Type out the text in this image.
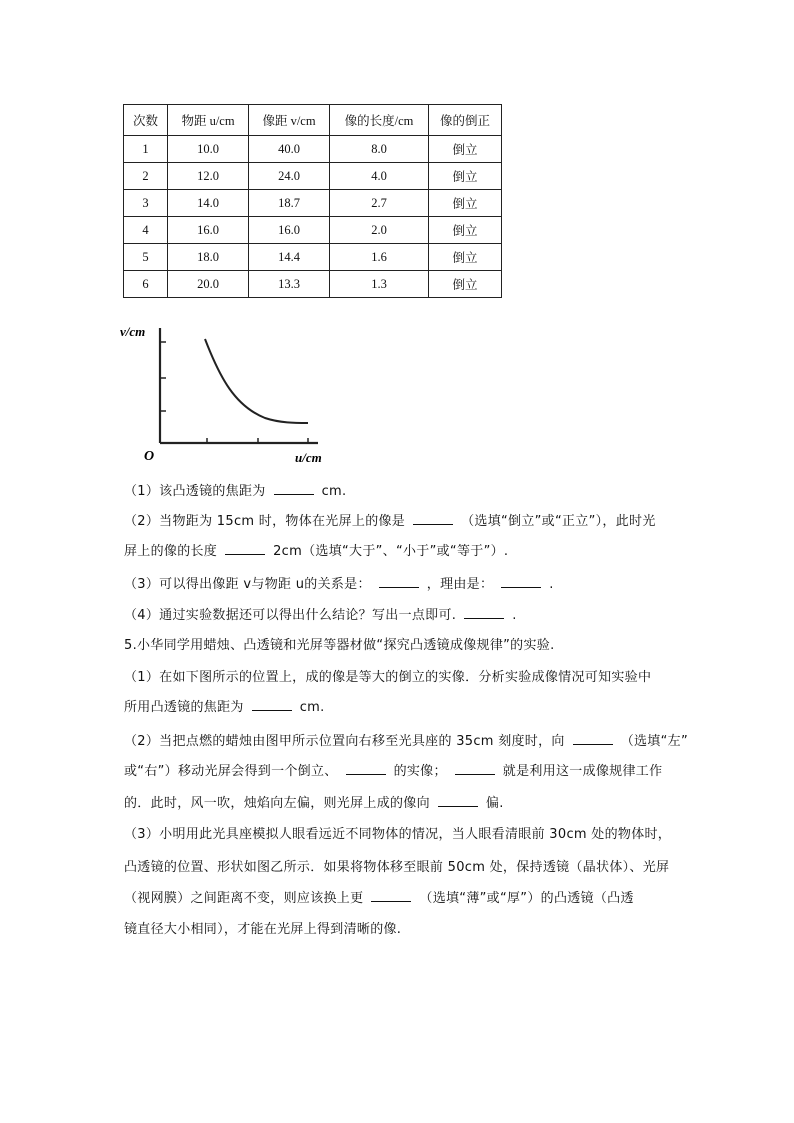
次数	物距 u/cm	像距 v/cm	像的长度/cm	像的倒正
1	10.0	40.0	8.0	倒立
2	12.0	24.0	4.0	倒立
3	14.0	18.7	2.7	倒立
4	16.0	16.0	2.0	倒立
5	18.0	14.4	1.6	倒立
6	20.0	13.3	1.3	倒立
v/cm
O	u/cm
（1）该凸透镜的焦距为	cm.
（2）当物距为 15cm 时，物体在光屏上的像是	（选填“倒立”或“正立”），此时光
屏上的像的长度	2cm（选填“大于”、“小于”或“等于”）.
（3）可以得出像距 v与物距 u的关系是：	，理由是：	.
（4）通过实验数据还可以得出什么结论？写出一点即可.	.
5.小华同学用蜡烛、凸透镜和光屏等器材做“探究凸透镜成像规律”的实验.
（1）在如下图所示的位置上，成的像是等大的倒立的实像．分析实验成像情况可知实验中
所用凸透镜的焦距为	cm.
（2）当把点燃的蜡烛由图甲所示位置向右移至光具座的 35cm 刻度时，向	（选填“左”
或“右”）移动光屏会得到一个倒立、	的实像；	就是利用这一成像规律工作
的．此时，风一吹，烛焰向左偏，则光屏上成的像向	偏.
（3）小明用此光具座模拟人眼看远近不同物体的情况，当人眼看清眼前 30cm 处的物体时，
凸透镜的位置、形状如图乙所示．如果将物体移至眼前 50cm 处，保持透镜（晶状体）、光屏
（视网膜）之间距离不变，则应该换上更	（选填“薄”或“厚”）的凸透镜（凸透
镜直径大小相同），才能在光屏上得到清晰的像.
